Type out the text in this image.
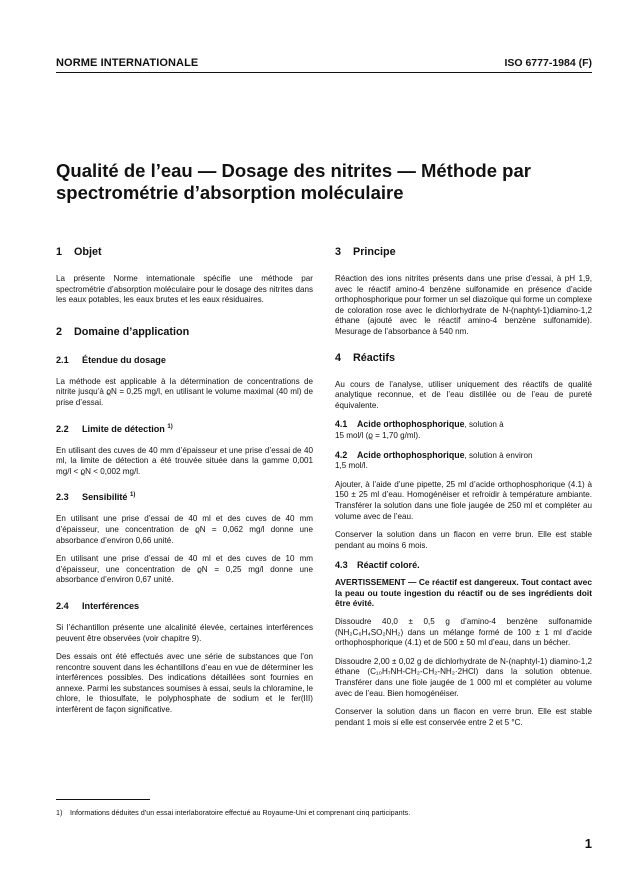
NORME INTERNATIONALE	ISO 6777-1984 (F)
Qualité de l’eau — Dosage des nitrites — Méthode par
spectrométrie d’absorption moléculaire
1 Objet

La présente Norme internationale spécifie une méthode par spectrométrie d’absorption moléculaire pour le dosage des nitrites dans les eaux potables, les eaux brutes et les eaux résiduaires.

2 Domaine d’application
2.1 Étendue du dosage

La méthode est applicable à la détermination de concentrations de nitrite jusqu’à ϱN = 0,25 mg/l, en utilisant le volume maximal (40 ml) de prise d’essai.

2.2 Limite de détection $^{1)}$

En utilisant des cuves de 40 mm d’épaisseur et une prise d’essai de 40 ml, la limite de détection a été trouvée située dans la gamme 0,001 mg/l < ϱN < 0,002 mg/l.

2.3 Sensibilité $^{1)}$

En utilisant une prise d’essai de 40 ml et des cuves de 40 mm d’épaisseur, une concentration de ϱN = 0,062 mg/l donne une absorbance d’environ 0,66 unité.

En utilisant une prise d’essai de 40 ml et des cuves de 10 mm d’épaisseur, une concentration de ϱN = 0,25 mg/l donne une absorbance d’environ 0,67 unité.

2.4 Interférences

Si l’échantillon présente une alcalinité élevée, certaines interférences peuvent être observées (voir chapitre 9).

Des essais ont été effectués avec une série de substances que l’on rencontre souvent dans les échantillons d’eau en vue de déterminer les interférences possibles. Des indications détaillées sont fournies en annexe. Parmi les substances soumises à essai, seuls la chloramine, le chlore, le thiosulfate, le polyphosphate de sodium et le fer(III) interfèrent de façon significative.

3 Principe

Réaction des ions nitrites présents dans une prise d’essai, à pH 1,9, avec le réactif amino-4 benzène sulfonamide en présence d’acide orthophosphorique pour former un sel diazoïque qui forme un complexe de coloration rose avec le dichlorhydrate de N-(naphtyl-1)diamino-1,2 éthane (ajouté avec le réactif amino-4 benzène sulfonamide). Mesurage de l’absorbance à 540 nm.

4 Réactifs

Au cours de l’analyse, utiliser uniquement des réactifs de qualité analytique reconnue, et de l’eau distillée ou de l’eau de pureté équivalente.

4.1 Acide orthophosphorique, solution à
15 mol/l (ϱ = 1,70 g/ml).
4.2 Acide orthophosphorique, solution à environ
1,5 mol/l.

Ajouter, à l’aide d’une pipette, 25 ml d’acide orthophosphorique (4.1) à 150 ± 25 ml d’eau. Homogénéiser et refroidir à température ambiante. Transférer la solution dans une fiole jaugée de 250 ml et compléter au volume avec de l’eau.

Conserver la solution dans un flacon en verre brun. Elle est stable pendant au moins 6 mois.

4.3 Réactif coloré.

AVERTISSEMENT — Ce réactif est dangereux. Tout contact avec la peau ou toute ingestion du réactif ou de ses ingrédients doit être évité.

Dissoudre 40,0 ± 0,5 g d’amino-4 benzène sulfonamide (NH₂C₆H₄SO₂NH₂) dans un mélange formé de 100 ± 1 ml d’acide orthophosphorique (4.1) et de 500 ± 50 ml d’eau, dans un bécher.

Dissoudre 2,00 ± 0,02 g de dichlorhydrate de N-(naphtyl-1) diamino-1,2 éthane (C₁₀H₇NH-CH₂-CH₂-NH₂·2HCl) dans la solution obtenue. Transférer dans une fiole jaugée de 1 000 ml et compléter au volume avec de l’eau. Bien homogénéiser.

Conserver la solution dans un flacon en verre brun. Elle est stable pendant 1 mois si elle est conservée entre 2 et 5 °C.

1) Informations déduites d’un essai interlaboratoire effectué au Royaume-Uni et comprenant cinq participants.
1
